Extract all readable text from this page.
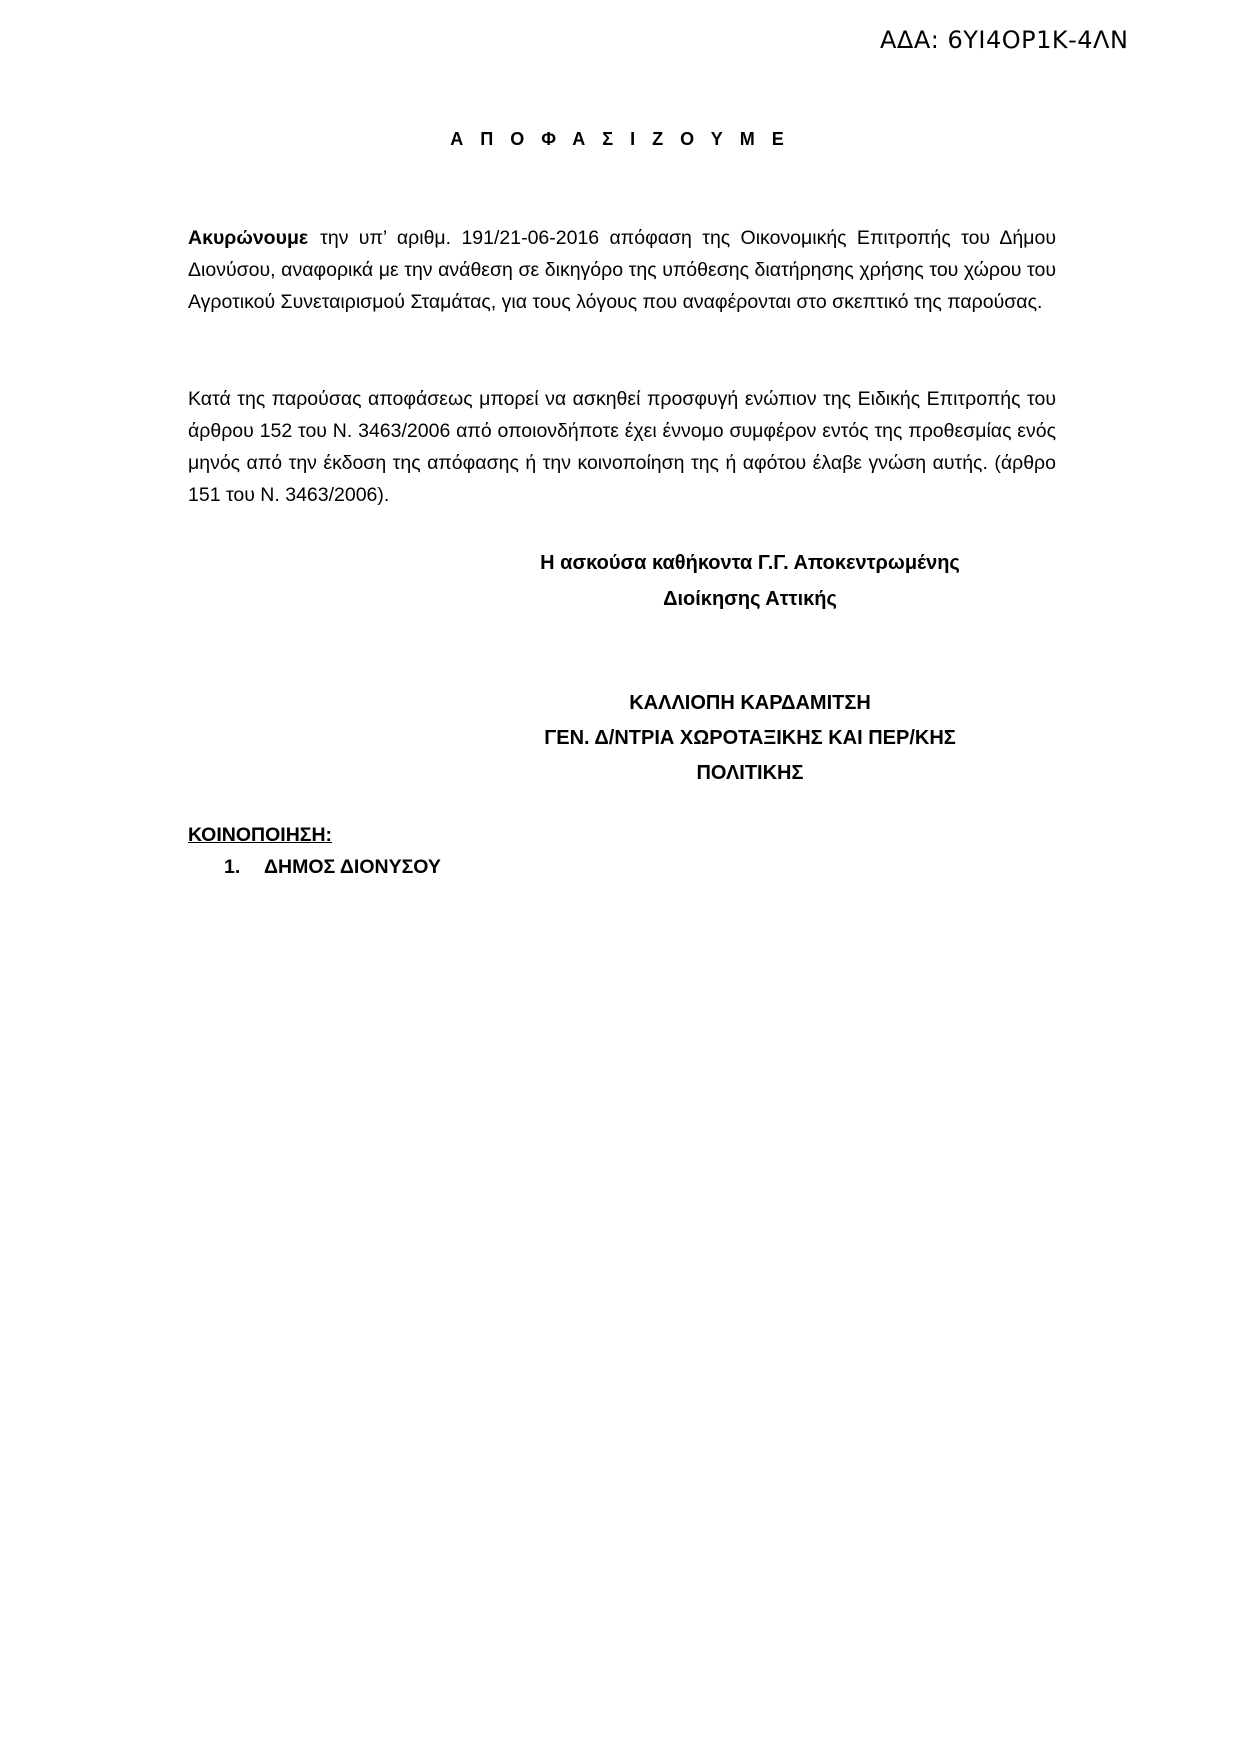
ΑΔΑ: 6ΥΙ4ΟΡ1Κ-4ΛΝ
Α Π Ο Φ Α Σ Ι Ζ Ο Υ Μ Ε
Ακυρώνουμε την υπ’ αριθμ. 191/21-06-2016 απόφαση της Οικονομικής Επιτροπής του Δήμου Διονύσου, αναφορικά με την ανάθεση σε δικηγόρο της υπόθεσης διατήρησης χρήσης του χώρου του Αγροτικού Συνεταιρισμού Σταμάτας, για τους λόγους που αναφέρονται στο σκεπτικό της παρούσας.
Κατά της παρούσας αποφάσεως μπορεί να ασκηθεί προσφυγή ενώπιον της Ειδικής Επιτροπής του άρθρου 152 του Ν. 3463/2006 από οποιονδήποτε έχει έννομο συμφέρον εντός της προθεσμίας ενός μηνός από την έκδοση της απόφασης ή την κοινοποίηση της ή αφότου έλαβε γνώση αυτής. (άρθρο 151 του Ν. 3463/2006).
Η ασκούσα καθήκοντα Γ.Γ. Αποκεντρωμένης
Διοίκησης Αττικής
ΚΑΛΛΙΟΠΗ ΚΑΡΔΑΜΙΤΣΗ
ΓΕΝ. Δ/ΝΤΡΙΑ ΧΩΡΟΤΑΞΙΚΗΣ ΚΑΙ ΠΕΡ/ΚΗΣ
ΠΟΛΙΤΙΚΗΣ
ΚΟΙΝΟΠΟΙΗΣΗ:
1. ΔΗΜΟΣ ΔΙΟΝΥΣΟΥ
